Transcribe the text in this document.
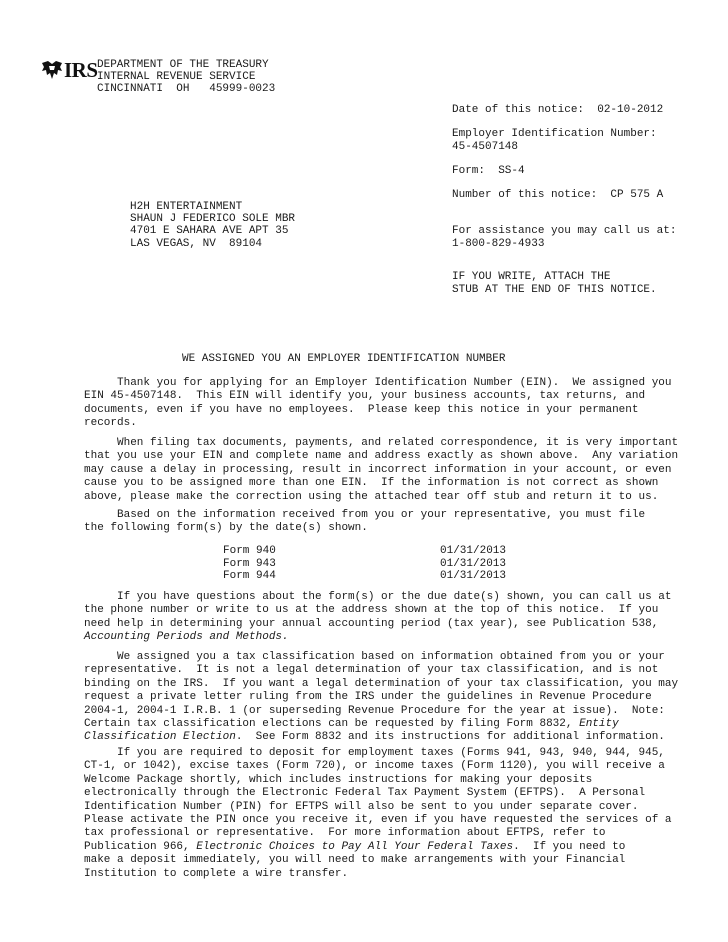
IRS DEPARTMENT OF THE TREASURY
INTERNAL REVENUE SERVICE
CINCINNATI  OH   45999-0023
Date of this notice:  02-10-2012
Employer Identification Number:
45-4507148
Form:  SS-4
Number of this notice:  CP 575 A
For assistance you may call us at:
1-800-829-4933
IF YOU WRITE, ATTACH THE
STUB AT THE END OF THIS NOTICE.
H2H ENTERTAINMENT
SHAUN J FEDERICO SOLE MBR
4701 E SAHARA AVE APT 35
LAS VEGAS, NV  89104
WE ASSIGNED YOU AN EMPLOYER IDENTIFICATION NUMBER
Thank you for applying for an Employer Identification Number (EIN).  We assigned you
EIN 45-4507148.  This EIN will identify you, your business accounts, tax returns, and
documents, even if you have no employees.  Please keep this notice in your permanent
records.
When filing tax documents, payments, and related correspondence, it is very important
that you use your EIN and complete name and address exactly as shown above.  Any variation
may cause a delay in processing, result in incorrect information in your account, or even
cause you to be assigned more than one EIN.  If the information is not correct as shown
above, please make the correction using the attached tear off stub and return it to us.
Based on the information received from you or your representative, you must file
the following form(s) by the date(s) shown.
Form 940	01/31/2013
Form 943	01/31/2013
Form 944	01/31/2013
If you have questions about the form(s) or the due date(s) shown, you can call us at
the phone number or write to us at the address shown at the top of this notice.  If you
need help in determining your annual accounting period (tax year), see Publication 538,
Accounting Periods and Methods.
We assigned you a tax classification based on information obtained from you or your
representative.  It is not a legal determination of your tax classification, and is not
binding on the IRS.  If you want a legal determination of your tax classification, you may
request a private letter ruling from the IRS under the guidelines in Revenue Procedure
2004-1, 2004-1 I.R.B. 1 (or superseding Revenue Procedure for the year at issue).  Note:
Certain tax classification elections can be requested by filing Form 8832, Entity
Classification Election.  See Form 8832 and its instructions for additional information.
If you are required to deposit for employment taxes (Forms 941, 943, 940, 944, 945,
CT-1, or 1042), excise taxes (Form 720), or income taxes (Form 1120), you will receive a
Welcome Package shortly, which includes instructions for making your deposits
electronically through the Electronic Federal Tax Payment System (EFTPS).  A Personal
Identification Number (PIN) for EFTPS will also be sent to you under separate cover.
Please activate the PIN once you receive it, even if you have requested the services of a
tax professional or representative.  For more information about EFTPS, refer to
Publication 966, Electronic Choices to Pay All Your Federal Taxes.  If you need to
make a deposit immediately, you will need to make arrangements with your Financial
Institution to complete a wire transfer.
